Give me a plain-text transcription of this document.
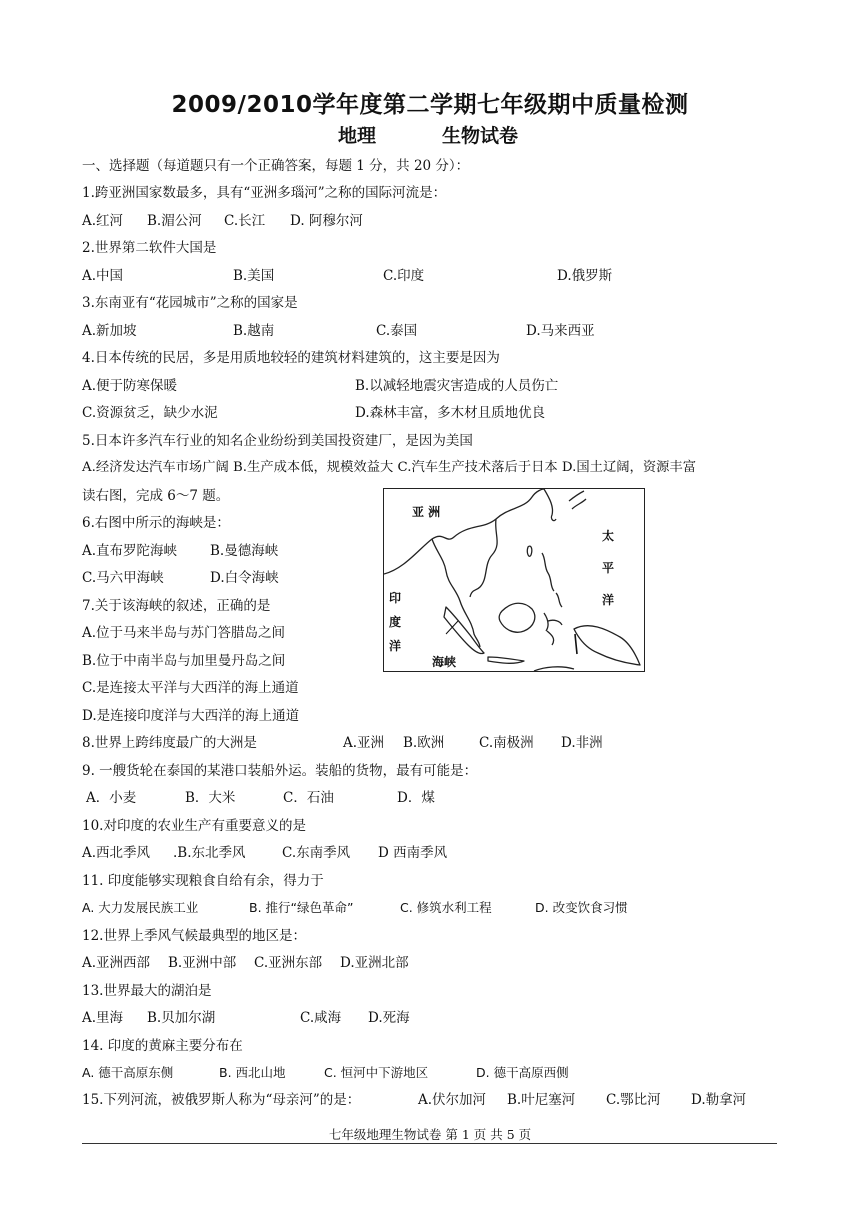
2009/2010学年度第二学期七年级期中质量检测
地理	生物试卷
一、选择题（每道题只有一个正确答案，每题 1 分，共 20 分）：
1.跨亚洲国家数最多，具有“亚洲多瑙河”之称的国际河流是：
A.红河 B.湄公河 C.长江 D. 阿穆尔河
2.世界第二软件大国是
A.中国	B.美国	C.印度	D.俄罗斯
3.东南亚有“花园城市”之称的国家是
A.新加坡	B.越南	C.泰国	D.马来西亚
4.日本传统的民居，多是用质地较轻的建筑材料建筑的，这主要是因为
A.便于防寒保暖	B.以减轻地震灾害造成的人员伤亡
C.资源贫乏，缺少水泥	D.森林丰富，多木材且质地优良
5.日本许多汽车行业的知名企业纷纷到美国投资建厂，是因为美国
A.经济发达汽车市场广阔 B.生产成本低，规模效益大 C.汽车生产技术落后于日本 D.国土辽阔，资源丰富
读右图，完成 6～7 题。
6.右图中所示的海峡是：
A.直布罗陀海峡 B.曼德海峡
C.马六甲海峡	D.白令海峡
7.关于该海峡的叙述，正确的是
A.位于马来半岛与苏门答腊岛之间
B.位于中南半岛与加里曼丹岛之间
C.是连接太平洋与大西洋的海上通道
D.是连接印度洋与大西洋的海上通道
亚 洲
太
平
洋
印
度
洋
海峡
8.世界上跨纬度最广的大洲是	A.亚洲 B.欧洲	C.南极洲 D.非洲
9. 一艘货轮在泰国的某港口装船外运。装船的货物，最有可能是：
A．小麦	B．大米	C．石油	D．煤
10.对印度的农业生产有重要意义的是
A.西北季风 .B.东北季风	C.东南季风 D 西南季风
11. 印度能够实现粮食自给有余，得力于
A. 大力发展民族工业	B. 推行“绿色革命”	C. 修筑水利工程	D. 改变饮食习惯
12.世界上季风气候最典型的地区是：
A.亚洲西部 B.亚洲中部 C.亚洲东部 D.亚洲北部
13.世界最大的湖泊是
A.里海 B.贝加尔湖	C.咸海 D.死海
14. 印度的黄麻主要分布在
A. 德干高原东侧	B. 西北山地	C. 恒河中下游地区	D. 德干高原西侧
15.下列河流，被俄罗斯人称为“母亲河”的是：	A.伏尔加河 B.叶尼塞河 C.鄂比河 D.勒拿河
七年级地理生物试卷 第 1 页 共 5 页
